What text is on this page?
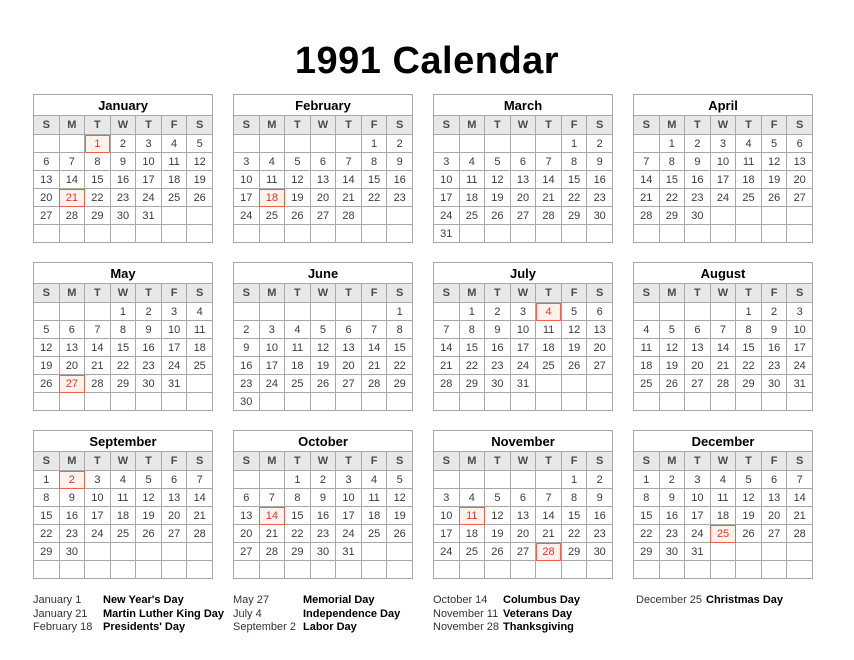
1991 Calendar
January						
S	M	T	W	T	F	S
		1	2	3	4	5
6	7	8	9	10	11	12
13	14	15	16	17	18	19
20	21	22	23	24	25	26
27	28	29	30	31		

February						
S	M	T	W	T	F	S
					1	2
3	4	5	6	7	8	9
10	11	12	13	14	15	16
17	18	19	20	21	22	23
24	25	26	27	28		

March						
S	M	T	W	T	F	S
					1	2
3	4	5	6	7	8	9
10	11	12	13	14	15	16
17	18	19	20	21	22	23
24	25	26	27	28	29	30
31						
April						
S	M	T	W	T	F	S
	1	2	3	4	5	6
7	8	9	10	11	12	13
14	15	16	17	18	19	20
21	22	23	24	25	26	27
28	29	30				

May						
S	M	T	W	T	F	S
			1	2	3	4
5	6	7	8	9	10	11
12	13	14	15	16	17	18
19	20	21	22	23	24	25
26	27	28	29	30	31	

June						
S	M	T	W	T	F	S
						1
2	3	4	5	6	7	8
9	10	11	12	13	14	15
16	17	18	19	20	21	22
23	24	25	26	27	28	29
30						
July						
S	M	T	W	T	F	S
	1	2	3	4	5	6
7	8	9	10	11	12	13
14	15	16	17	18	19	20
21	22	23	24	25	26	27
28	29	30	31			

August						
S	M	T	W	T	F	S
				1	2	3
4	5	6	7	8	9	10
11	12	13	14	15	16	17
18	19	20	21	22	23	24
25	26	27	28	29	30	31

September						
S	M	T	W	T	F	S
1	2	3	4	5	6	7
8	9	10	11	12	13	14
15	16	17	18	19	20	21
22	23	24	25	26	27	28
29	30					

October						
S	M	T	W	T	F	S
		1	2	3	4	5
6	7	8	9	10	11	12
13	14	15	16	17	18	19
20	21	22	23	24	25	26
27	28	29	30	31		

November						
S	M	T	W	T	F	S
					1	2
3	4	5	6	7	8	9
10	11	12	13	14	15	16
17	18	19	20	21	22	23
24	25	26	27	28	29	30

December						
S	M	T	W	T	F	S
1	2	3	4	5	6	7
8	9	10	11	12	13	14
15	16	17	18	19	20	21
22	23	24	25	26	27	28
29	30	31				

January 1	New Year's Day
January 21	Martin Luther King Day
February 18 Presidents' Day
May 27	Memorial Day
July 4	Independence Day
September 2 Labor Day
October 14	Columbus Day
November 11 Veterans Day
November 28 Thanksgiving
December 25 Christmas Day
